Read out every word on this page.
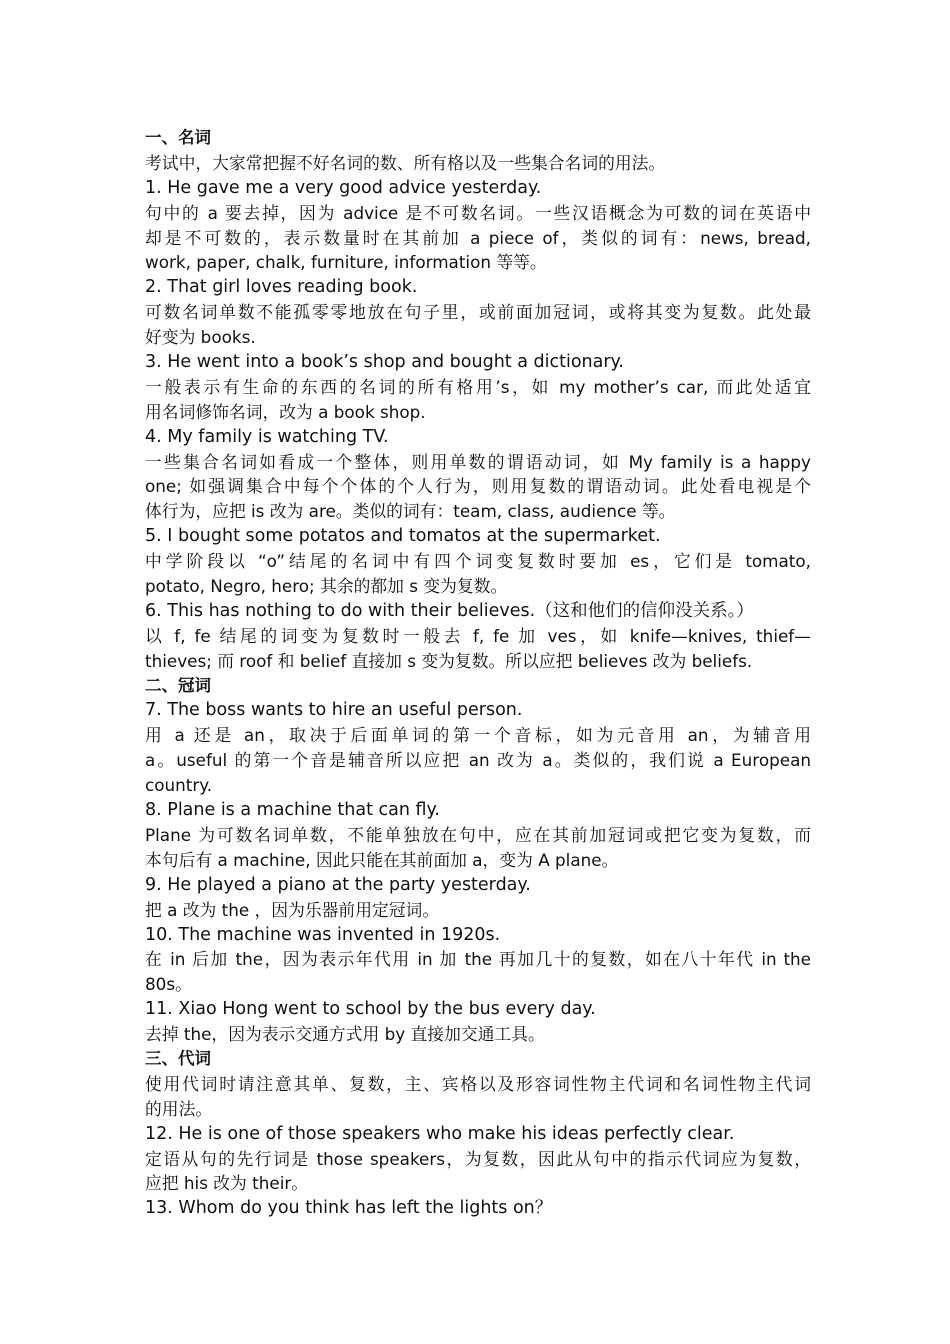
一、名词
考试中，大家常把握不好名词的数、所有格以及一些集合名词的用法。
1. He gave me a very good advice yesterday.
句中的 a 要去掉，因为 advice 是不可数名词。一些汉语概念为可数的词在英语中
却是不可数的，表示数量时在其前加 a piece of，类似的词有：news, bread,
work, paper, chalk, furniture, information 等等。
2. That girl loves reading book.
可数名词单数不能孤零零地放在句子里，或前面加冠词，或将其变为复数。此处最
好变为 books.
3. He went into a book’s shop and bought a dictionary.
一般表示有生命的东西的名词的所有格用’s，如 my mother’s car, 而此处适宜
用名词修饰名词，改为 a book shop.
4. My family is watching TV.
一些集合名词如看成一个整体，则用单数的谓语动词，如 My family is a happy
one; 如强调集合中每个个体的个人行为，则用复数的谓语动词。此处看电视是个
体行为，应把 is 改为 are。类似的词有：team, class, audience 等。
5. I bought some potatos and tomatos at the supermarket.
中学阶段以 “o”结尾的名词中有四个词变复数时要加 es，它们是 tomato,
potato, Negro, hero; 其余的都加 s 变为复数。
6. This has nothing to do with their believes.（这和他们的信仰没关系。）
以 f, fe 结尾的词变为复数时一般去 f, fe 加 ves，如 knife—knives, thief—
thieves; 而 roof 和 belief 直接加 s 变为复数。所以应把 believes 改为 beliefs.
二、冠词
7. The boss wants to hire an useful person.
用 a 还是 an，取决于后面单词的第一个音标，如为元音用 an，为辅音用
a。useful 的第一个音是辅音所以应把 an 改为 a。类似的，我们说 a European
country.
8. Plane is a machine that can fly.
Plane 为可数名词单数，不能单独放在句中，应在其前加冠词或把它变为复数，而
本句后有 a machine, 因此只能在其前面加 a，变为 A plane。
9. He played a piano at the party yesterday.
把 a 改为 the ，因为乐器前用定冠词。
10. The machine was invented in 1920s.
在 in 后加 the，因为表示年代用 in 加 the 再加几十的复数，如在八十年代 in the
80s。
11. Xiao Hong went to school by the bus every day.
去掉 the，因为表示交通方式用 by 直接加交通工具。
三、代词
使用代词时请注意其单、复数，主、宾格以及形容词性物主代词和名词性物主代词
的用法。
12. He is one of those speakers who make his ideas perfectly clear.
定语从句的先行词是 those speakers，为复数，因此从句中的指示代词应为复数，
应把 his 改为 their。
13. Whom do you think has left the lights on？
